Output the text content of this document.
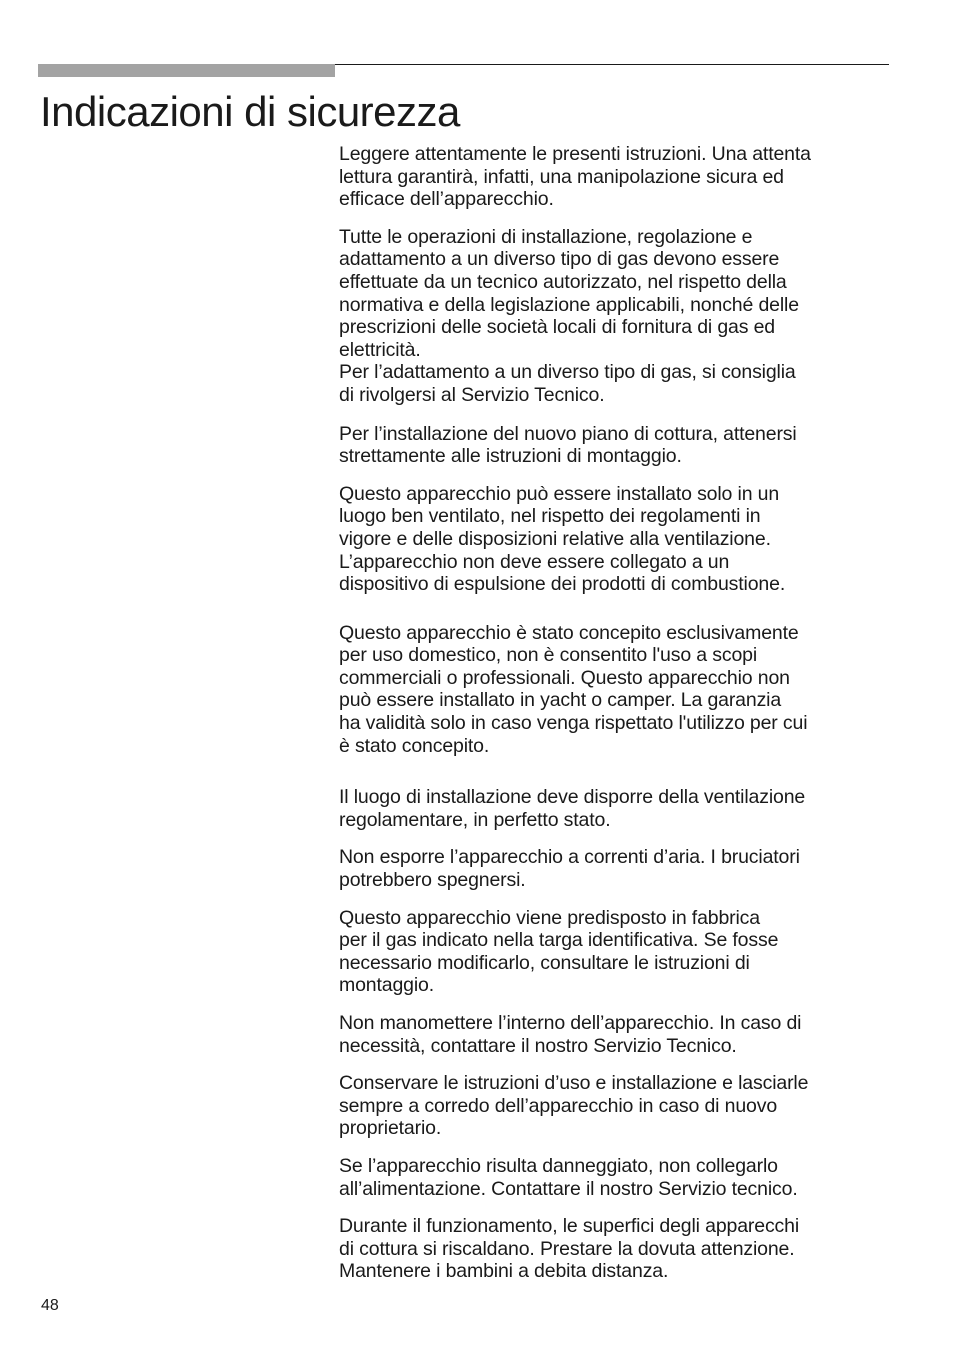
Indicazioni di sicurezza

Leggere attentamente le presenti istruzioni. Una attenta
lettura garantirà, infatti, una manipolazione sicura ed
efficace dell’apparecchio.

Tutte le operazioni di installazione, regolazione e
adattamento a un diverso tipo di gas devono essere
effettuate da un tecnico autorizzato, nel rispetto della
normativa e della legislazione applicabili, nonché delle
prescrizioni delle società locali di fornitura di gas ed
elettricità.
Per l’adattamento a un diverso tipo di gas, si consiglia
di rivolgersi al Servizio Tecnico.

Per l’installazione del nuovo piano di cottura, attenersi
strettamente alle istruzioni di montaggio.

Questo apparecchio può essere installato solo in un
luogo ben ventilato, nel rispetto dei regolamenti in
vigore e delle disposizioni relative alla ventilazione.
L’apparecchio non deve essere collegato a un
dispositivo di espulsione dei prodotti di combustione.

Questo apparecchio è stato concepito esclusivamente
per uso domestico, non è consentito l'uso a scopi
commerciali o professionali. Questo apparecchio non
può essere installato in yacht o camper. La garanzia
ha validità solo in caso venga rispettato l'utilizzo per cui
è stato concepito.

Il luogo di installazione deve disporre della ventilazione
regolamentare, in perfetto stato.

Non esporre l’apparecchio a correnti d’aria. I bruciatori
potrebbero spegnersi.

Questo apparecchio viene predisposto in fabbrica
per il gas indicato nella targa identificativa. Se fosse
necessario modificarlo, consultare le istruzioni di
montaggio.

Non manomettere l’interno dell’apparecchio. In caso di
necessità, contattare il nostro Servizio Tecnico.

Conservare le istruzioni d’uso e installazione e lasciarle
sempre a corredo dell’apparecchio in caso di nuovo
proprietario.

Se l’apparecchio risulta danneggiato, non collegarlo
all’alimentazione. Contattare il nostro Servizio tecnico.

Durante il funzionamento, le superfici degli apparecchi
di cottura si riscaldano. Prestare la dovuta attenzione.
Mantenere i bambini a debita distanza.

48
